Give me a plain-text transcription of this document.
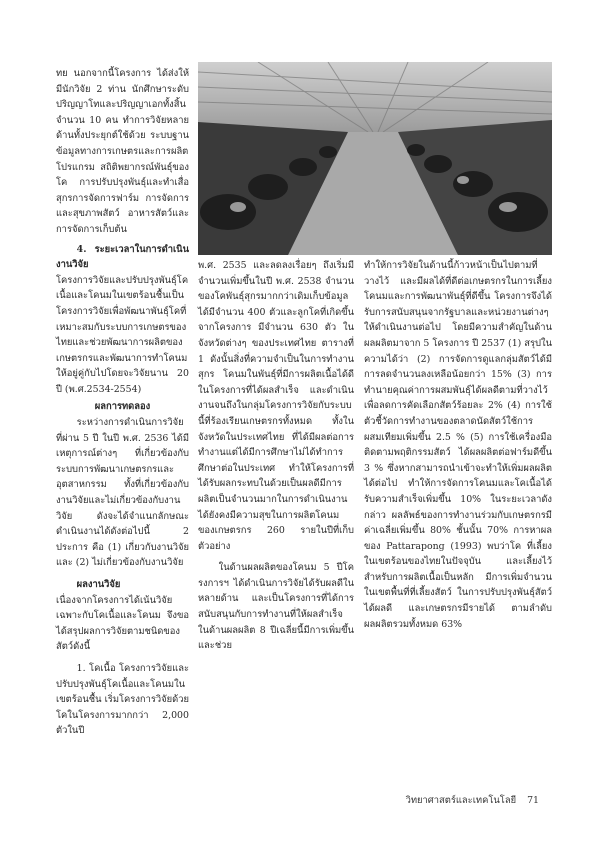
ทย นอกจากนี้โครงการ ได้ส่งให้มีนักวิจัย 2 ท่าน นักศึกษาระดับปริญญาโทและปริญญาเอกทั้งสิ้นจำนวน 10 คน ทำการวิจัยหลายด้านทั้งประยุกต์ใช้ด้วย ระบบฐานข้อมูลทางการเกษตรและการผลิตโปรแกรม สถิติพยากรณ์พันธุ์ของโค การปรับปรุงพันธุ์และทำเสื่อสุกรการจัดการฟาร์ม การจัดการและสุขภาพสัตว์ อาหารสัตว์และการจัดการเก็บต้น

4. ระยะเวลาในการดำเนินงานวิจัย

โครงการวิจัยและปรับปรุงพันธุ์โคเนื้อและโคนมในเขตร้อนชื้นเป็นโครงการวิจัยเพื่อพัฒนาพันธุ์โคที่เหมาะสมกับระบบการเกษตรของไทยและช่วยพัฒนาการผลิตของเกษตรกรและพัฒนาการทำโคนมให้อยู่คู่กับไปโดยจะวิจัยนาน 20 ปี (พ.ศ.2534-2554)

ผลการทดลอง

ระหว่างการดำเนินการวิจัยที่ผ่าน 5 ปี ในปี พ.ศ. 2536 ได้มีเหตุการณ์ต่างๆ ที่เกี่ยวข้องกับระบบการพัฒนาเกษตรกรและอุตสาหกรรม ทั้งที่เกี่ยวข้องกับงานวิจัยและไม่เกี่ยวข้องกับงานวิจัย ดังจะได้จำแนกลักษณะดำเนินงานได้ดังต่อไปนี้ 2 ประการ คือ (1) เกี่ยวกับงานวิจัย และ (2) ไม่เกี่ยวข้องกับงานวิจัย

ผลงานวิจัย

เนื่องจากโครงการได้เน้นวิจัยเฉพาะกับโคเนื้อและโคนม จึงขอได้สรุปผลการวิจัยตามชนิดของสัตว์ดังนี้

1. โคเนื้อ โครงการวิจัยและปรับปรุงพันธุ์โคเนื้อและโคนมในเขตร้อนชื้น เริ่มโครงการวิจัยด้วยโคในโครงการมากกว่า 2,000 ตัวในปี

พ.ศ. 2535 และลดลงเรื่อยๆ ถึงเริ่มมีจำนวนเพิ่มขึ้นในปี พ.ศ. 2538 จำนวนของโคพันธุ์สุกรมากกว่าเดิมเก็บข้อมูลได้มีจำนวน 400 ตัวและลูกโคที่เกิดขึ้นจากโครงการ มีจำนวน 630 ตัว ในจังหวัดต่างๆ ของประเทศไทย ตารางที่ 1 ดังนั้นสิ่งที่ความจำเป็นในการทำงานสุกร โคนมในพันธุ์ที่มีการผลิตเนื้อได้ดีในโครงการที่ได้ผลสำเร็จ และดำเนินงานจนถึงในกลุ่มโครงการวิจัยกับระบบนี้ที่ร้องเรียนเกษตรกรทั้งหมด ทั้งในจังหวัดในประเทศไทย ที่ได้มีผลต่อการทำงานแต่ได้มีการศึกษาไม่ได้ทำการศึกษาต่อในประเทศ ทำให้โครงการที่ได้รับผลกระทบในด้วยเป็นผลดีมีการผลิตเป็นจำนวนมากในการดำเนินงานได้ยังคงมีความสุขในการผลิตโคนมของเกษตรกร 260 รายในปีที่เก็บตัวอย่าง

ในด้านผลผลิตของโคนม 5 ปีโครงการฯ ได้ดำเนินการวิจัยได้รับผลดีในหลายด้าน และเป็นโครงการที่ได้การสนับสนุนกับการทำงานที่ให้ผลสำเร็จ ในด้านผลผลิต 8 ปีเฉลี่ยนี้มีการเพิ่มขึ้นและช่วย

ทำให้การวิจัยในด้านนี้ก้าวหน้าเป็นไปตามที่วางไว้ และมีผลได้ที่ดีต่อเกษตรกรในการเลี้ยงโคนมและการพัฒนาพันธุ์ที่ดีขึ้น โครงการจึงได้รับการสนับสนุนจากรัฐบาลและหน่วยงานต่างๆ ให้ดำเนินงานต่อไป โดยมีความสำคัญในด้านผลผลิตมาจาก 5 โครงการ ปี 2537 (1) สรุปในความได้ว่า (2) การจัดการดูแลกลุ่มสัตว์ได้มีการลดจำนวนลงเหลือน้อยกว่า 15% (3) การทำนายคุณค่าการผสมพันธุ์ได้ผลดีตามที่วางไว้ เพื่อลดการคัดเลือกสัตว์ร้อยละ 2% (4) การใช้ตัวชี้วัดการทำงานของตลาดนัดสัตว์ใช้การผสมเทียมเพิ่มขึ้น 2.5 % (5) การใช้เครื่องมือติดตามพฤติกรรมสัตว์ ได้ผลผลิตต่อฟาร์มดีขึ้น 3 % ซึ่งหากสามารถนำเข้าจะทำให้เพิ่มผลผลิตได้ต่อไป ทำให้การจัดการโคนมและโคเนื้อได้รับความสำเร็จเพิ่มขึ้น 10% ในระยะเวลาดังกล่าว ผลลัพธ์ของการทำงานร่วมกับเกษตรกรมีค่าเฉลี่ยเพิ่มขึ้น 80% ชั้นนั้น 70% การหาผลของ Pattarapong (1993) พบว่าโค ที่เลี้ยงในเขตร้อนของไทยในปัจจุบัน และเลี้ยงไว้สำหรับการผลิตเนื้อเป็นหลัก มีการเพิ่มจำนวนในเขตพื้นที่ที่เลี้ยงสัตว์ ในการปรับปรุงพันธุ์สัตว์ได้ผลดี และเกษตรกรมีรายได้ ตามลำดับผลผลิตรวมทั้งหมด 63%

วิทยาศาสตร์และเทคโนโลยี 71
